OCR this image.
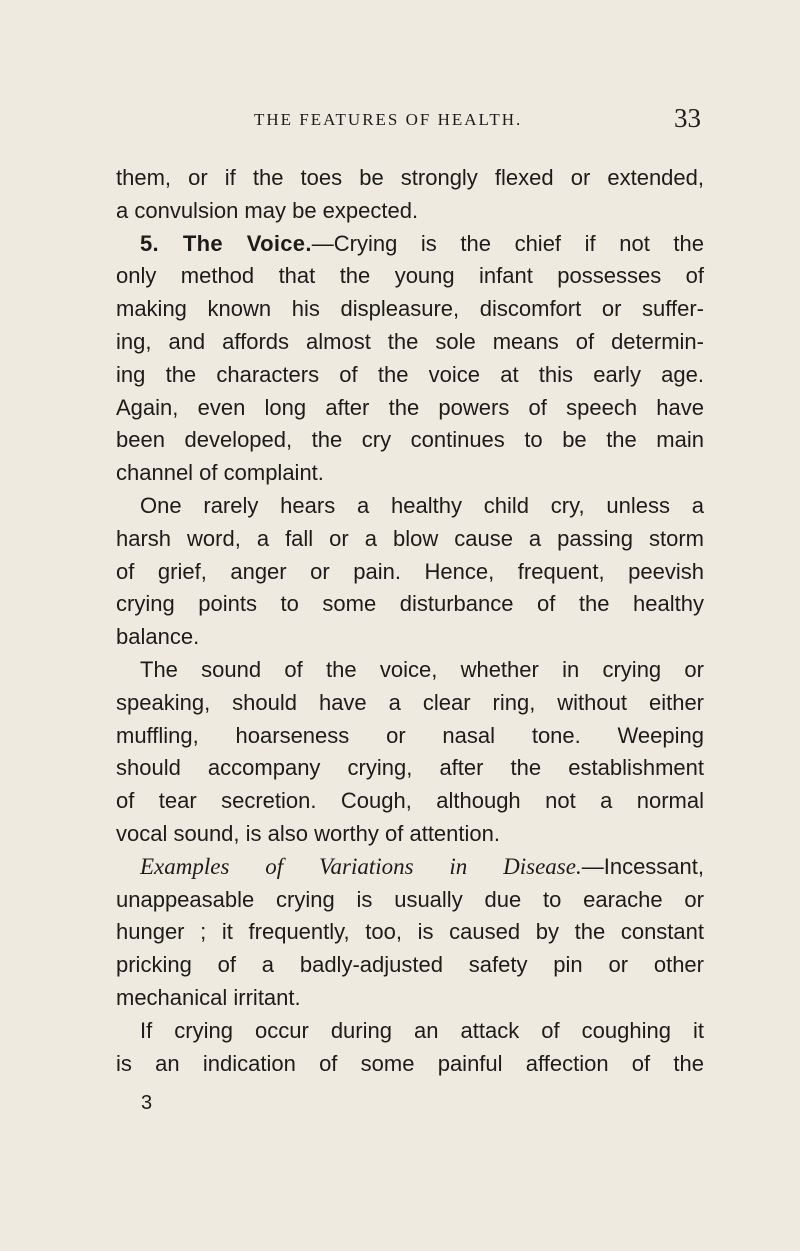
THE FEATURES OF HEALTH.	33
them, or if the toes be strongly flexed or extended,
a convulsion may be expected.
5. The Voice.—Crying is the chief if not the
only method that the young infant possesses of
making known his displeasure, discomfort or suffer-
ing, and affords almost the sole means of determin-
ing the characters of the voice at this early age.
Again, even long after the powers of speech have
been developed, the cry continues to be the main
channel of complaint.
One rarely hears a healthy child cry, unless a
harsh word, a fall or a blow cause a passing storm
of grief, anger or pain. Hence, frequent, peevish
crying points to some disturbance of the healthy
balance.
The sound of the voice, whether in crying or
speaking, should have a clear ring, without either
muffling, hoarseness or nasal tone. Weeping
should accompany crying, after the establishment
of tear secretion. Cough, although not a normal
vocal sound, is also worthy of attention.
Examples of Variations in Disease.—Incessant,
unappeasable crying is usually due to earache or
hunger ; it frequently, too, is caused by the constant
pricking of a badly-adjusted safety pin or other
mechanical irritant.
If crying occur during an attack of coughing it
is an indication of some painful affection of the
3
